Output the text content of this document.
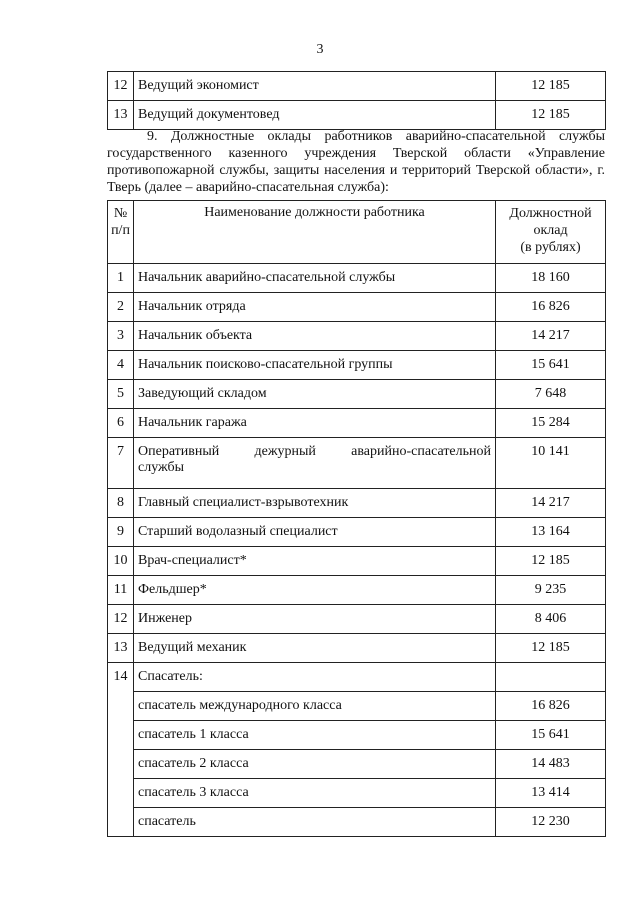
3
12	Ведущий экономист	12 185
13	Ведущий документовед	12 185
9. Должностные оклады работников аварийно-спасательной службы государственного казенного учреждения Тверской области «Управление противопожарной службы, защиты населения и территорий Тверской области», г. Тверь (далее – аварийно-спасательная служба):
№ п/п	Наименование должности работника	Должностной
оклад
(в рублях)

1	Начальник аварийно-спасательной службы	18 160
2	Начальник отряда	16 826
3	Начальник объекта	14 217
4	Начальник поисково-спасательной группы	15 641
5	Заведующий складом	7 648
6	Начальник гаража	15 284
7	Оперативный дежурный аварийно-спасательной
службы	10 141
8	Главный специалист-взрывотехник	14 217
9	Старший водолазный специалист	13 164
10	Врач-специалист*	12 185
11	Фельдшер*	9 235
12	Инженер	8 406
13	Ведущий механик	12 185
14	Спасатель:	
	спасатель международного класса	16 826
	спасатель 1 класса	15 641
	спасатель 2 класса	14 483
	спасатель 3 класса	13 414
	спасатель	12 230
